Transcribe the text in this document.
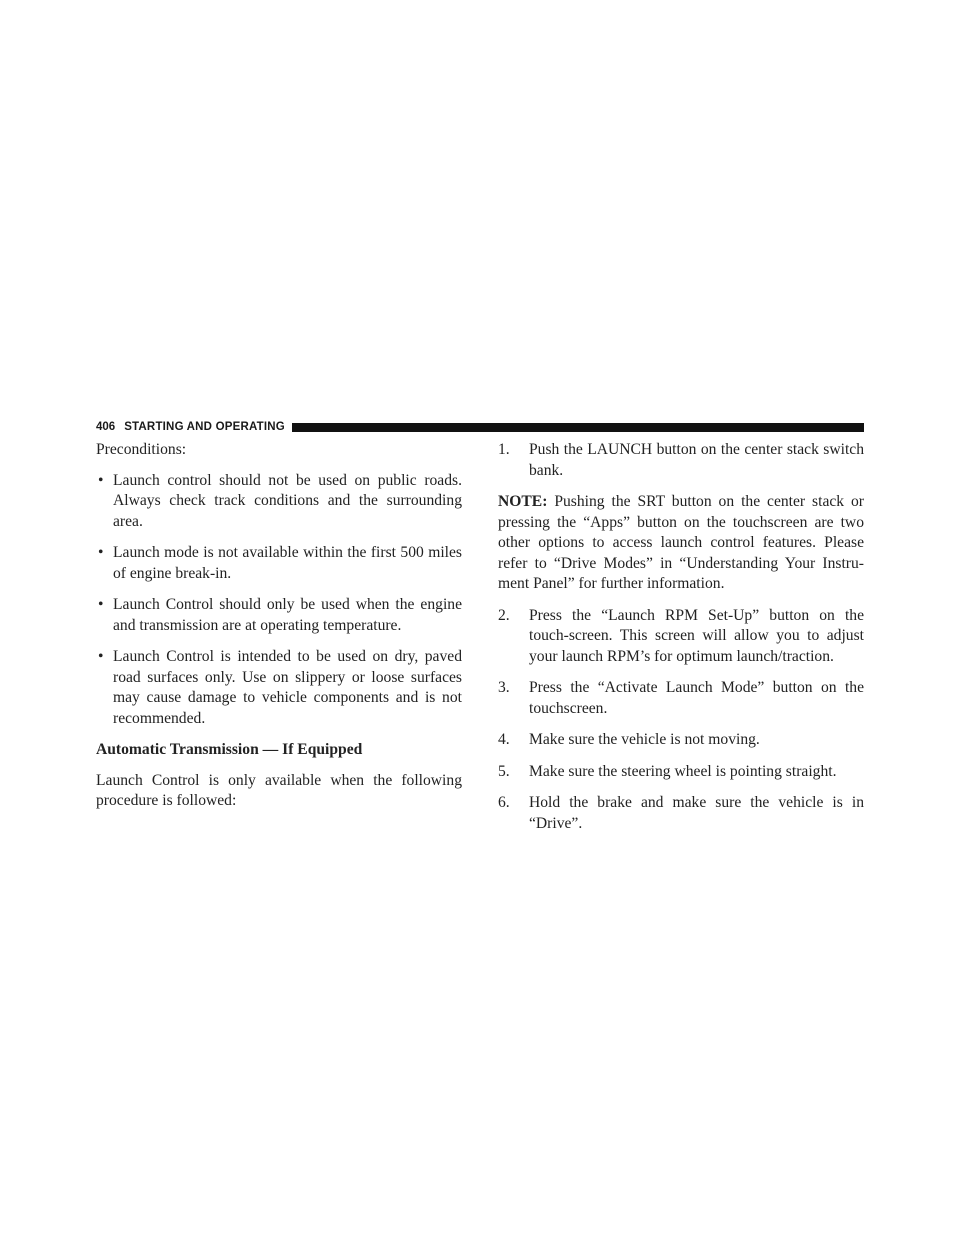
406 STARTING AND OPERATING

Preconditions:

• Launch control should not be used on public roads. Always check track conditions and the surrounding area.
• Launch mode is not available within the first 500 miles of engine break-in.
• Launch Control should only be used when the engine and transmission are at operating temperature.
• Launch Control is intended to be used on dry, paved road surfaces only. Use on slippery or loose surfaces may cause damage to vehicle components and is not recommended.

Automatic Transmission — If Equipped

Launch Control is only available when the following procedure is followed:

1. Push the LAUNCH button on the center stack switch bank.

NOTE: Pushing the SRT button on the center stack or pressing the “Apps” button on the touchscreen are two other options to access launch control features. Please refer to “Drive Modes” in “Understanding Your Instru-ment Panel” for further information.

2. Press the “Launch RPM Set-Up” button on the touch-screen. This screen will allow you to adjust your launch RPM’s for optimum launch/traction.
3. Press the “Activate Launch Mode” button on the touchscreen.
4. Make sure the vehicle is not moving.
5. Make sure the steering wheel is pointing straight.
6. Hold the brake and make sure the vehicle is in “Drive”.
